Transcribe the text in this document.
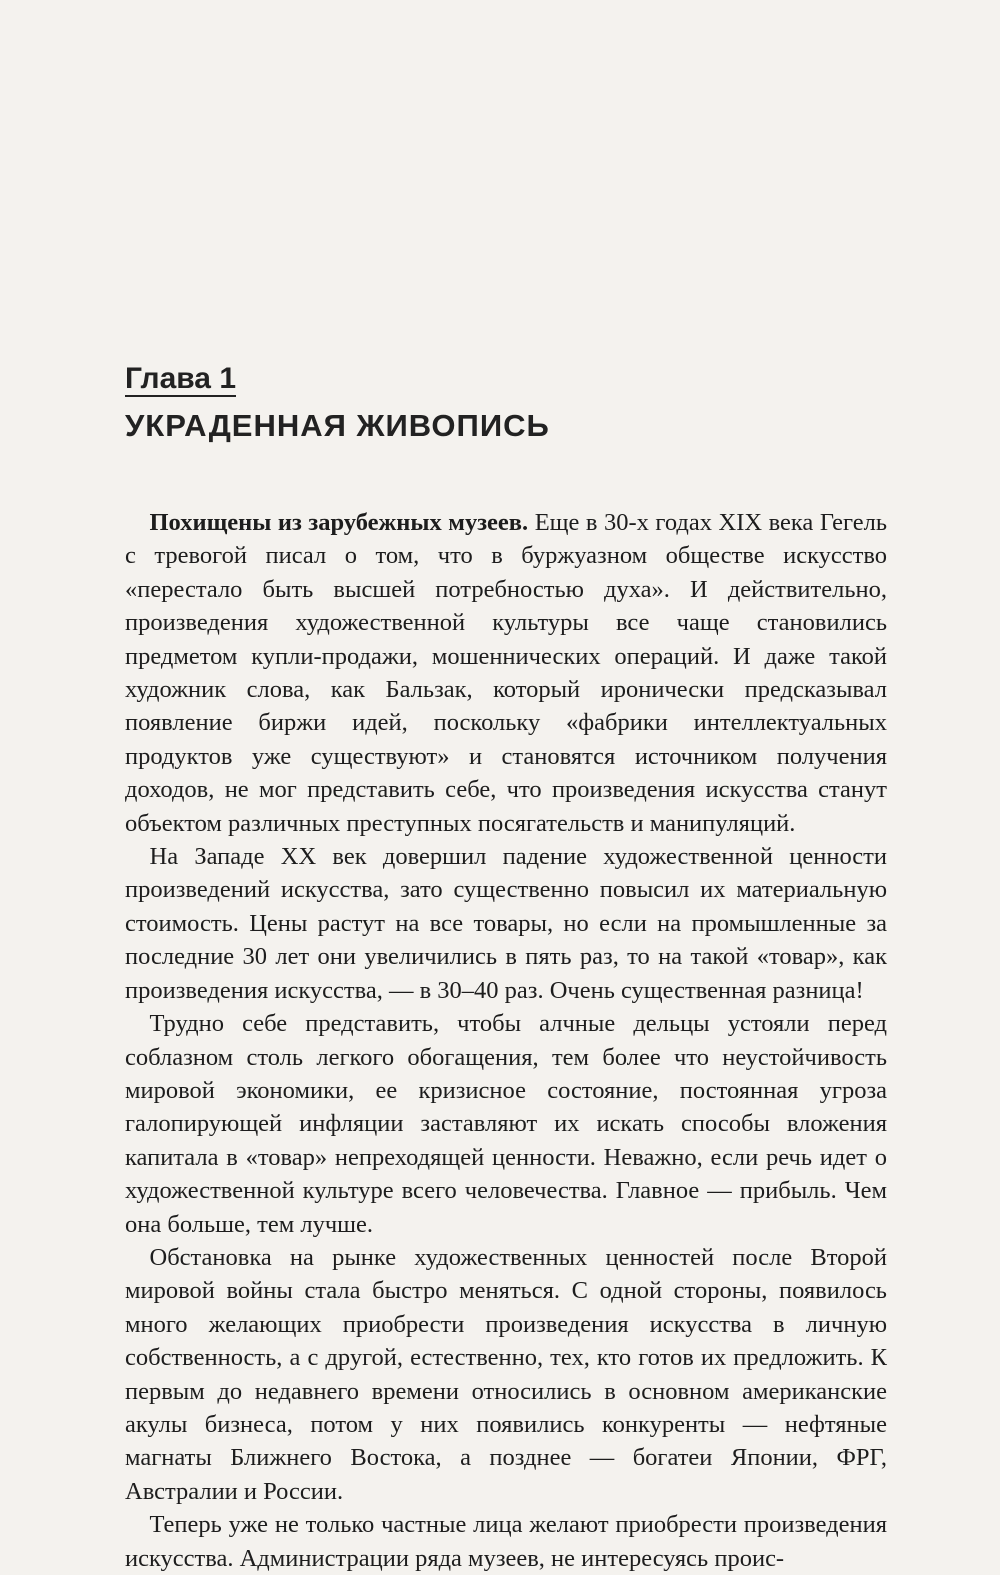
Глава 1
УКРАДЕННАЯ ЖИВОПИСЬ

Похищены из зарубежных музеев. Еще в 30-х годах XIX века Гегель с тревогой писал о том, что в буржуазном обществе искусство «перестало быть высшей потребностью духа». И действительно, произведения художественной культуры все чаще становились предметом купли-продажи, мошеннических операций. И даже такой художник слова, как Бальзак, который иронически предсказывал появление биржи идей, поскольку «фабрики интеллектуальных продуктов уже существуют» и становятся источником получения доходов, не мог представить себе, что произведения искусства станут объектом различных преступных посягательств и манипуляций.

На Западе XX век довершил падение художественной ценности произведений искусства, зато существенно повысил их материальную стоимость. Цены растут на все товары, но если на промышленные за последние 30 лет они увеличились в пять раз, то на такой «товар», как произведения искусства, — в 30–40 раз. Очень существенная разница!

Трудно себе представить, чтобы алчные дельцы устояли перед соблазном столь легкого обогащения, тем более что неустойчивость мировой экономики, ее кризисное состояние, постоянная угроза галопирующей инфляции заставляют их искать способы вложения капитала в «товар» непреходящей ценности. Неважно, если речь идет о художественной культуре всего человечества. Главное — прибыль. Чем она больше, тем лучше.

Обстановка на рынке художественных ценностей после Второй мировой войны стала быстро меняться. С одной стороны, появилось много желающих приобрести произведения искусства в личную собственность, а с другой, естественно, тех, кто готов их предложить. К первым до недавнего времени относились в основном американские акулы бизнеса, потом у них появились конкуренты — нефтяные магнаты Ближнего Востока, а позднее — богатеи Японии, ФРГ, Австралии и России.

Теперь уже не только частные лица желают приобрести произведения искусства. Администрации ряда музеев, не интересуясь проис-
